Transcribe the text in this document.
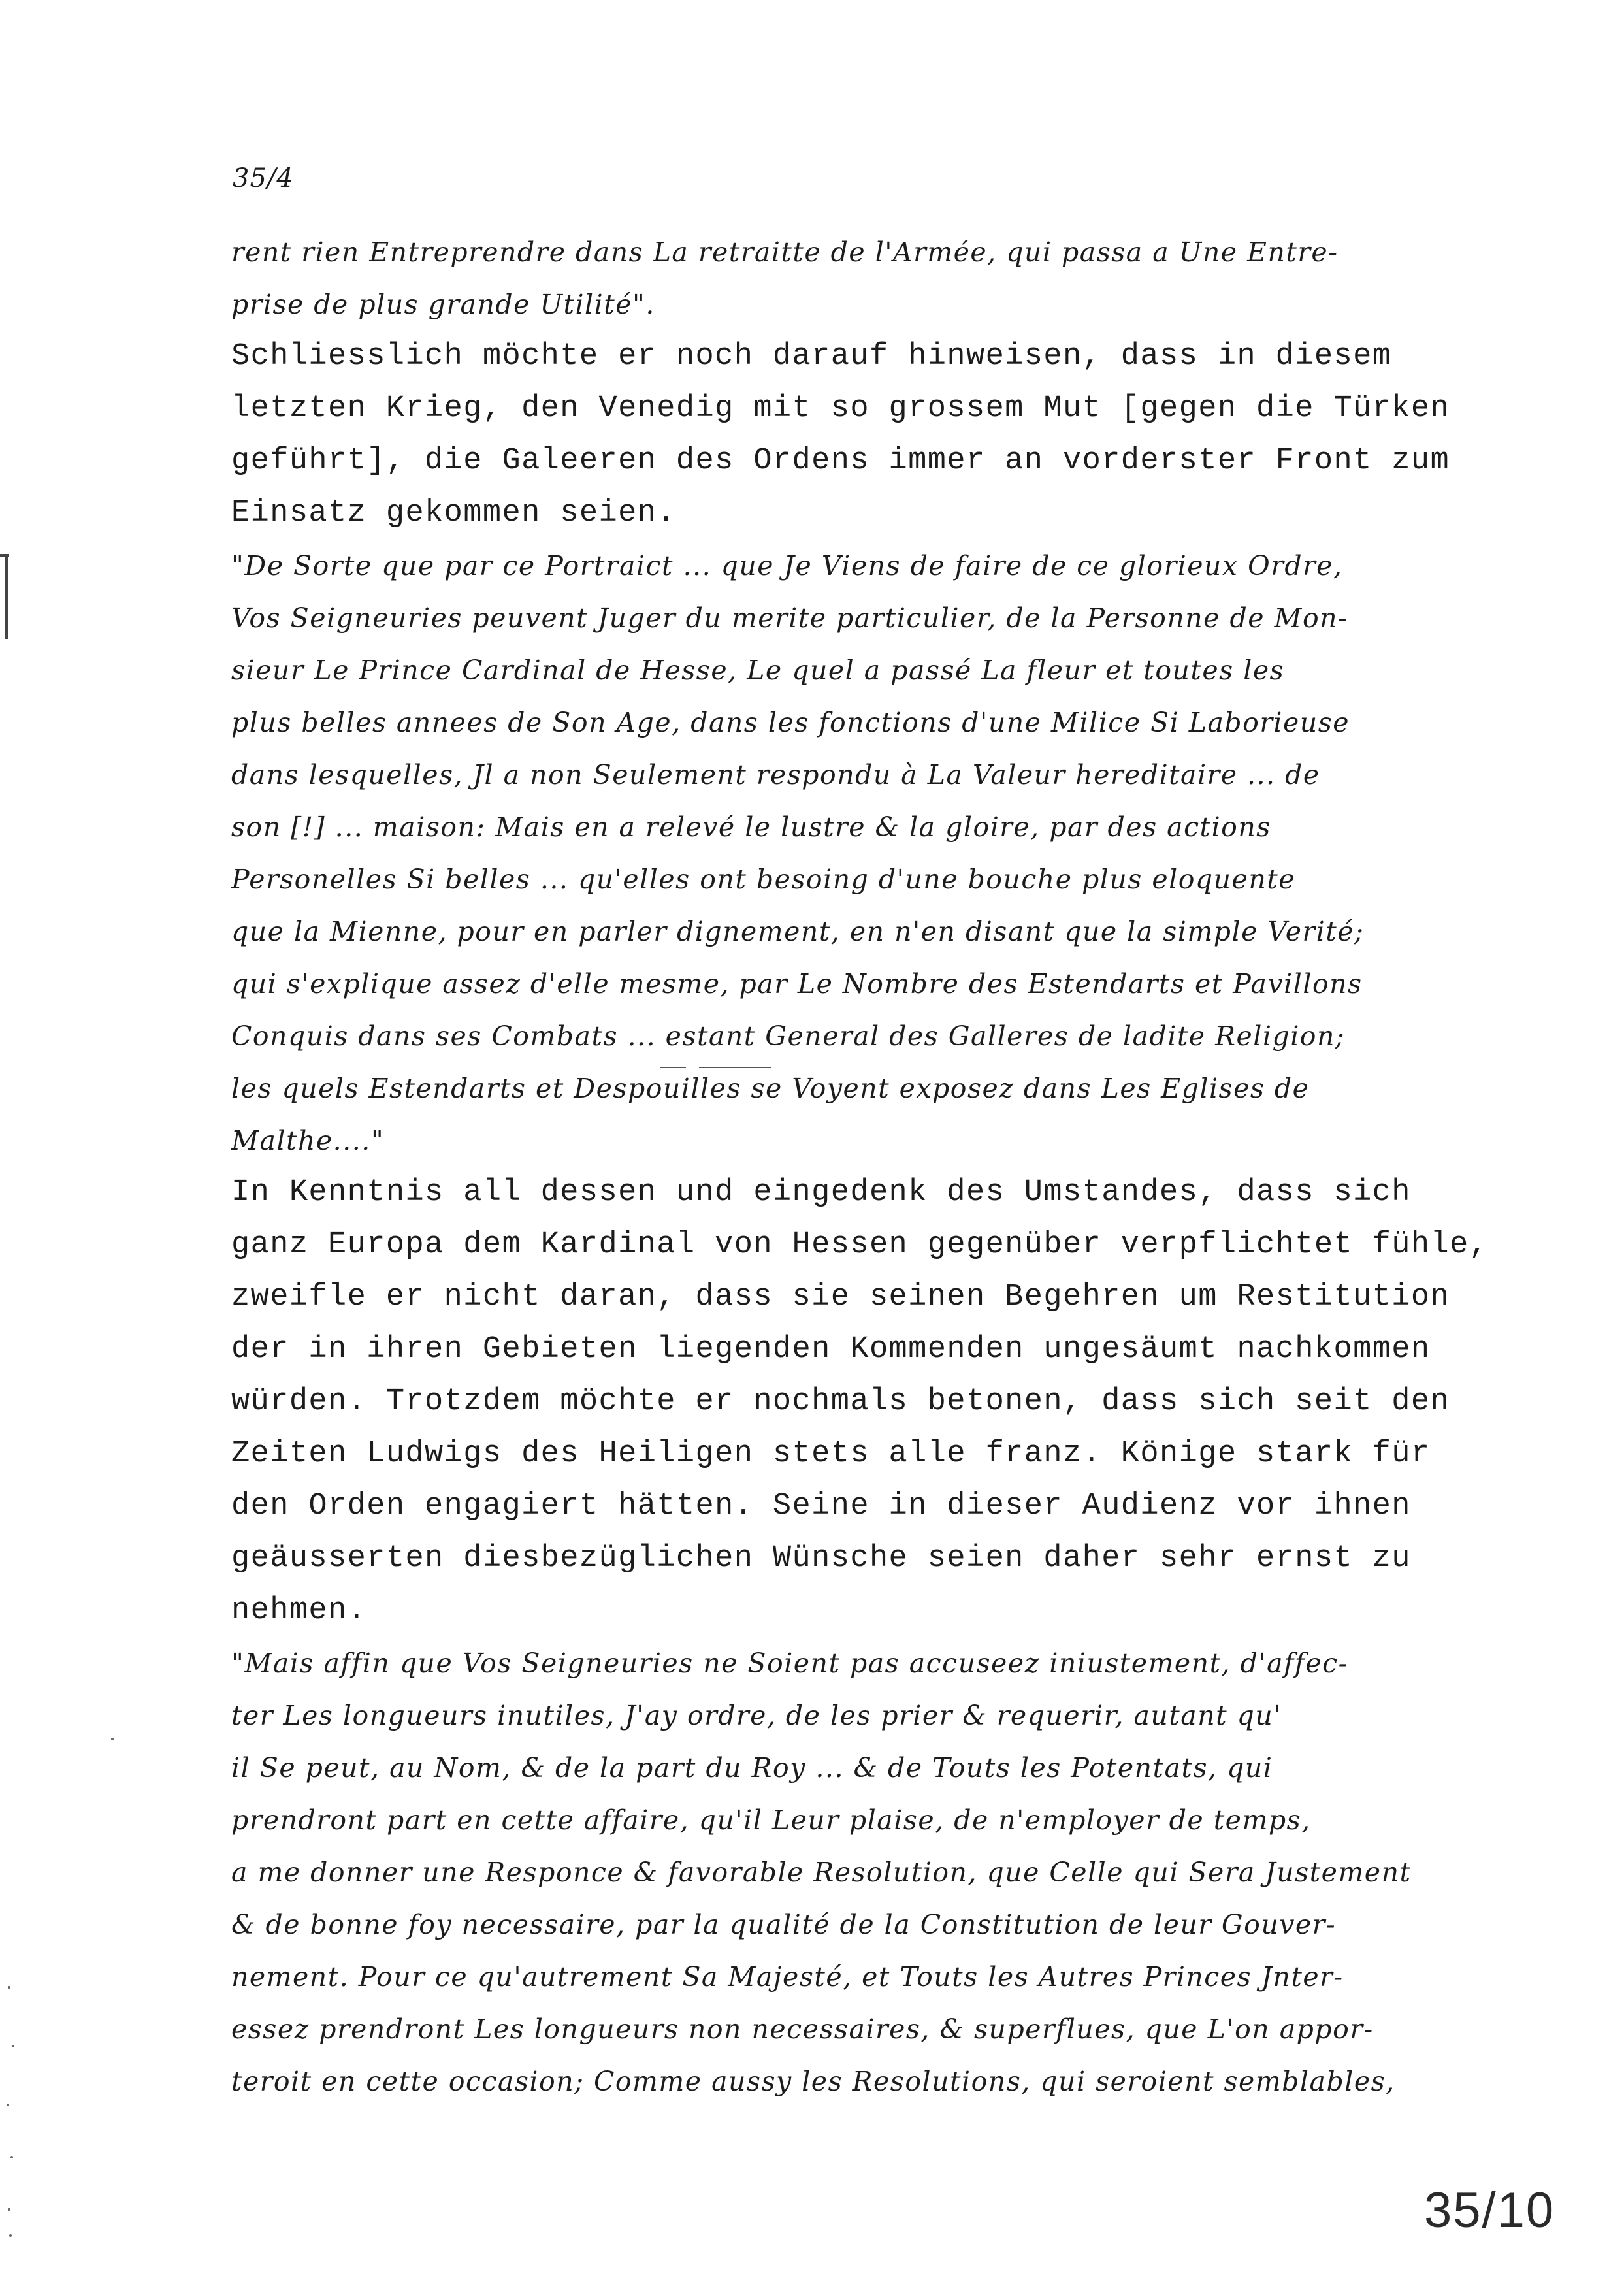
35/4
rent rien Entreprendre dans La retraitte de l'Armée, qui passa a Une Entre-
prise de plus grande Utilité".
Schliesslich möchte er noch darauf hinweisen, dass in diesem
letzten Krieg, den Venedig mit so grossem Mut [gegen die Türken
geführt], die Galeeren des Ordens immer an vorderster Front zum
Einsatz gekommen seien.
"De Sorte que par ce Portraict ... que Je Viens de faire de ce glorieux Ordre,
Vos Seigneuries peuvent Juger du merite particulier, de la Personne de Mon-
sieur Le Prince Cardinal de Hesse, Le quel a passé La fleur et toutes les
plus belles annees de Son Age, dans les fonctions d'une Milice Si Laborieuse
dans lesquelles, Jl a non Seulement respondu à La Valeur hereditaire ... de
son [!] ... maison: Mais en a relevé le lustre & la gloire, par des actions
Personelles Si belles ... qu'elles ont besoing d'une bouche plus eloquente
que la Mienne, pour en parler dignement, en n'en disant que la simple Verité;
qui s'explique assez d'elle mesme, par Le Nombre des Estendarts et Pavillons
Conquis dans ses Combats ... estant General des Galleres de ladite Religion;
les quels Estendarts et Despouilles se Voyent exposez dans Les Eglises de
Malthe...."
In Kenntnis all dessen und eingedenk des Umstandes, dass sich
ganz Europa dem Kardinal von Hessen gegenüber verpflichtet fühle,
zweifle er nicht daran, dass sie seinen Begehren um Restitution
der in ihren Gebieten liegenden Kommenden ungesäumt nachkommen
würden. Trotzdem möchte er nochmals betonen, dass sich seit den
Zeiten Ludwigs des Heiligen stets alle franz. Könige stark für
den Orden engagiert hätten. Seine in dieser Audienz vor ihnen
geäusserten diesbezüglichen Wünsche seien daher sehr ernst zu
nehmen.
"Mais affin que Vos Seigneuries ne Soient pas accuseez iniustement, d'affec-
ter Les longueurs inutiles, J'ay ordre, de les prier & requerir, autant qu'
il Se peut, au Nom, & de la part du Roy ... & de Touts les Potentats, qui
prendront part en cette affaire, qu'il Leur plaise, de n'employer de temps,
a me donner une Responce & favorable Resolution, que Celle qui Sera Justement
& de bonne foy necessaire, par la qualité de la Constitution de leur Gouver-
nement. Pour ce qu'autrement Sa Majesté, et Touts les Autres Princes Jnter-
essez prendront Les longueurs non necessaires, & superflues, que L'on appor-
teroit en cette occasion; Comme aussy les Resolutions, qui seroient semblables,
35/10
